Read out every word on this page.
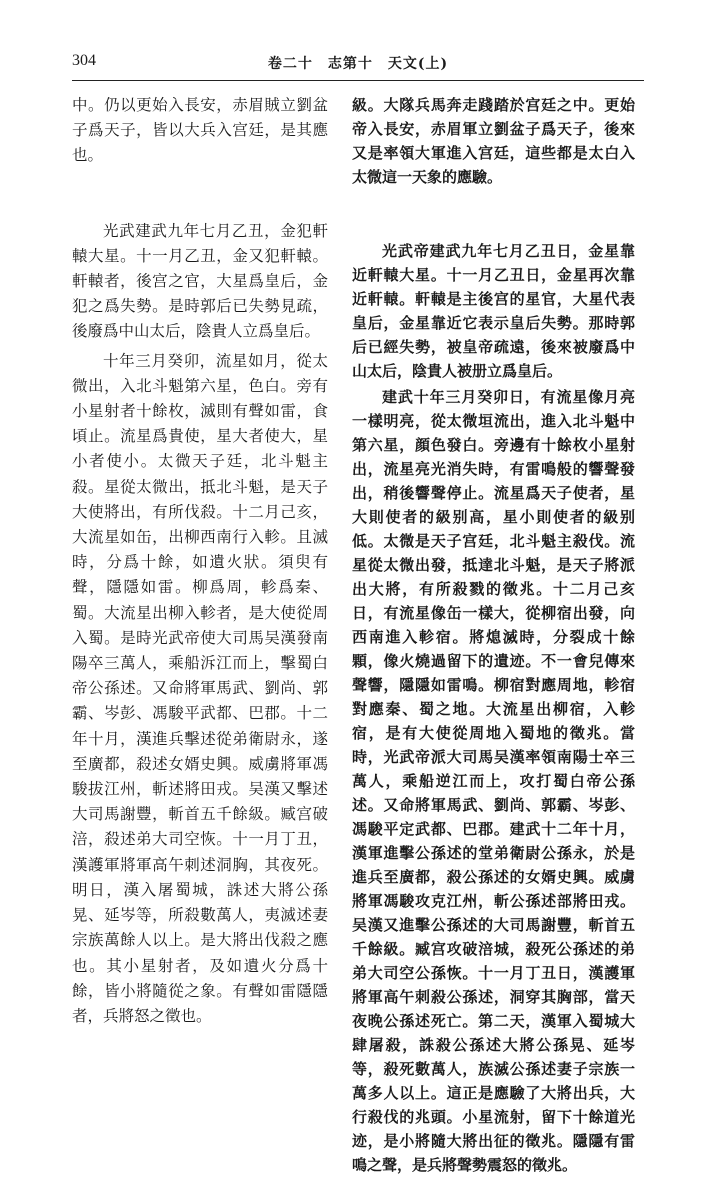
304	卷二十　志第十　天文(上)

中。仍以更始入長安，赤眉賊立劉盆子爲天子，皆以大兵入宫廷，是其應也。

光武建武九年七月乙丑，金犯軒轅大星。十一月乙丑，金又犯軒轅。軒轅者，後宫之官，大星爲皇后，金犯之爲失勢。是時郭后已失勢見疏，後廢爲中山太后，陰貴人立爲皇后。

十年三月癸卯，流星如月，從太微出，入北斗魁第六星，色白。旁有小星射者十餘枚，滅則有聲如雷，食頃止。流星爲貴使，星大者使大，星小者使小。太微天子廷，北斗魁主殺。星從太微出，抵北斗魁，是天子大使將出，有所伐殺。十二月己亥，大流星如缶，出柳西南行入軫。且滅時，分爲十餘，如遺火狀。須臾有聲，隱隱如雷。柳爲周，軫爲秦、蜀。大流星出柳入軫者，是大使從周入蜀。是時光武帝使大司馬吴漢發南陽卒三萬人，乘船泝江而上，擊蜀白帝公孫述。又命將軍馬武、劉尚、郭霸、岑彭、馮駿平武都、巴郡。十二年十月，漢進兵擊述從弟衛尉永，遂至廣都，殺述女婿史興。威虜將軍馮駿拔江州，斬述將田戎。吴漢又擊述大司馬謝豐，斬首五千餘級。臧宫破涪，殺述弟大司空恢。十一月丁丑，漢護軍將軍高午刺述洞胸，其夜死。明日，漢入屠蜀城，誅述大將公孫晃、延岑等，所殺數萬人，夷滅述妻宗族萬餘人以上。是大將出伐殺之應也。其小星射者，及如遺火分爲十餘，皆小將隨從之象。有聲如雷隱隱者，兵將怒之徵也。

級。大隊兵馬奔走踐踏於宫廷之中。更始帝入長安，赤眉軍立劉盆子爲天子，後來又是率領大軍進入宫廷，這些都是太白入太微這一天象的應驗。

光武帝建武九年七月乙丑日，金星靠近軒轅大星。十一月乙丑日，金星再次靠近軒轅。軒轅是主後宫的星官，大星代表皇后，金星靠近它表示皇后失勢。那時郭后已經失勢，被皇帝疏遠，後來被廢爲中山太后，陰貴人被册立爲皇后。

建武十年三月癸卯日，有流星像月亮一樣明亮，從太微垣流出，進入北斗魁中第六星，顔色發白。旁邊有十餘枚小星射出，流星亮光消失時，有雷鳴般的響聲發出，稍後響聲停止。流星爲天子使者，星大則使者的級别高，星小則使者的級别低。太微是天子宫廷，北斗魁主殺伐。流星從太微出發，抵達北斗魁，是天子將派出大將，有所殺戮的徵兆。十二月己亥日，有流星像缶一樣大，從柳宿出發，向西南進入軫宿。將熄滅時，分裂成十餘顆，像火燒過留下的遺迹。不一會兒傳來聲響，隱隱如雷鳴。柳宿對應周地，軫宿對應秦、蜀之地。大流星出柳宿，入軫宿，是有大使從周地入蜀地的徵兆。當時，光武帝派大司馬吴漢率領南陽士卒三萬人，乘船逆江而上，攻打蜀白帝公孫述。又命將軍馬武、劉尚、郭霸、岑彭、馮駿平定武都、巴郡。建武十二年十月，漢軍進擊公孫述的堂弟衛尉公孫永，於是進兵至廣都，殺公孫述的女婿史興。威虜將軍馮駿攻克江州，斬公孫述部將田戎。吴漢又進擊公孫述的大司馬謝豐，斬首五千餘級。臧宫攻破涪城，殺死公孫述的弟弟大司空公孫恢。十一月丁丑日，漢護軍將軍高午刺殺公孫述，洞穿其胸部，當天夜晚公孫述死亡。第二天，漢軍入蜀城大肆屠殺，誅殺公孫述大將公孫晃、延岑等，殺死數萬人，族滅公孫述妻子宗族一萬多人以上。這正是應驗了大將出兵，大行殺伐的兆頭。小星流射，留下十餘道光迹，是小將隨大將出征的徵兆。隱隱有雷鳴之聲，是兵將聲勢震怒的徵兆。
